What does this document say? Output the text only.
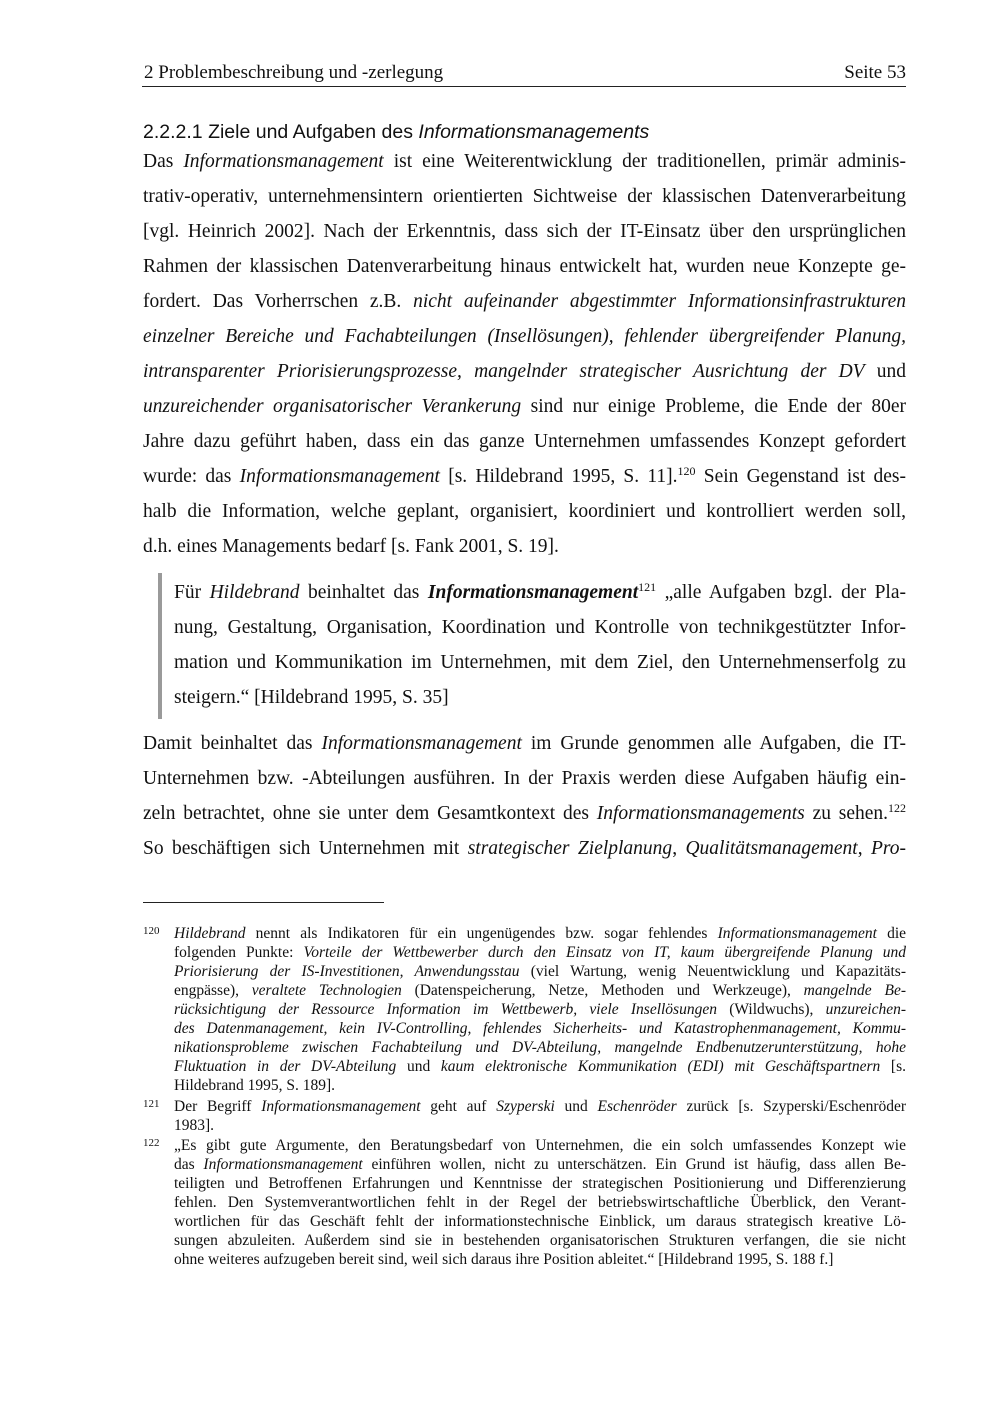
2 Problembeschreibung und -zerlegung	Seite 53
2.2.2.1 Ziele und Aufgaben des Informationsmanagements
Das Informationsmanagement ist eine Weiterentwicklung der traditionellen, primär adminis-
trativ-operativ, unternehmensintern orientierten Sichtweise der klassischen Datenverarbeitung
[vgl. Heinrich 2002]. Nach der Erkenntnis, dass sich der IT-Einsatz über den ursprünglichen
Rahmen der klassischen Datenverarbeitung hinaus entwickelt hat, wurden neue Konzepte ge-
fordert. Das Vorherrschen z.B. nicht aufeinander abgestimmter Informationsinfrastrukturen
einzelner Bereiche und Fachabteilungen (Insellösungen), fehlender übergreifender Planung,
intransparenter Priorisierungsprozesse, mangelnder strategischer Ausrichtung der DV und
unzureichender organisatorischer Verankerung sind nur einige Probleme, die Ende der 80er
Jahre dazu geführt haben, dass ein das ganze Unternehmen umfassendes Konzept gefordert
wurde: das Informationsmanagement [s. Hildebrand 1995, S. 11].$^{120}$ Sein Gegenstand ist des-
halb die Information, welche geplant, organisiert, koordiniert und kontrolliert werden soll,
d.h. eines Managements bedarf [s. Fank 2001, S. 19].
Für Hildebrand beinhaltet das Informationsmanagement$^{121}$ „alle Aufgaben bzgl. der Pla-
nung, Gestaltung, Organisation, Koordination und Kontrolle von technikgestützter Infor-
mation und Kommunikation im Unternehmen, mit dem Ziel, den Unternehmenserfolg zu
steigern.“ [Hildebrand 1995, S. 35]
Damit beinhaltet das Informationsmanagement im Grunde genommen alle Aufgaben, die IT-
Unternehmen bzw. -Abteilungen ausführen. In der Praxis werden diese Aufgaben häufig ein-
zeln betrachtet, ohne sie unter dem Gesamtkontext des Informationsmanagements zu sehen.$^{122}$
So beschäftigen sich Unternehmen mit strategischer Zielplanung, Qualitätsmanagement, Pro-
120 Hildebrand nennt als Indikatoren für ein ungenügendes bzw. sogar fehlendes Informationsmanagement die
folgenden Punkte: Vorteile der Wettbewerber durch den Einsatz von IT, kaum übergreifende Planung und
Priorisierung der IS-Investitionen, Anwendungsstau (viel Wartung, wenig Neuentwicklung und Kapazitäts-
engpässe), veraltete Technologien (Datenspeicherung, Netze, Methoden und Werkzeuge), mangelnde Be-
rücksichtigung der Ressource Information im Wettbewerb, viele Insellösungen (Wildwuchs), unzureichen-
des Datenmanagement, kein IV-Controlling, fehlendes Sicherheits- und Katastrophenmanagement, Kommu-
nikationsprobleme zwischen Fachabteilung und DV-Abteilung, mangelnde Endbenutzerunterstützung, hohe
Fluktuation in der DV-Abteilung und kaum elektronische Kommunikation (EDI) mit Geschäftspartnern [s.
Hildebrand 1995, S. 189].
121 Der Begriff Informationsmanagement geht auf Szyperski und Eschenröder zurück [s. Szyperski/Eschenröder
1983].
122 „Es gibt gute Argumente, den Beratungsbedarf von Unternehmen, die ein solch umfassendes Konzept wie
das Informationsmanagement einführen wollen, nicht zu unterschätzen. Ein Grund ist häufig, dass allen Be-
teiligten und Betroffenen Erfahrungen und Kenntnisse der strategischen Positionierung und Differenzierung
fehlen. Den Systemverantwortlichen fehlt in der Regel der betriebswirtschaftliche Überblick, den Verant-
wortlichen für das Geschäft fehlt der informationstechnische Einblick, um daraus strategisch kreative Lö-
sungen abzuleiten. Außerdem sind sie in bestehenden organisatorischen Strukturen verfangen, die sie nicht
ohne weiteres aufzugeben bereit sind, weil sich daraus ihre Position ableitet.“ [Hildebrand 1995, S. 188 f.]
